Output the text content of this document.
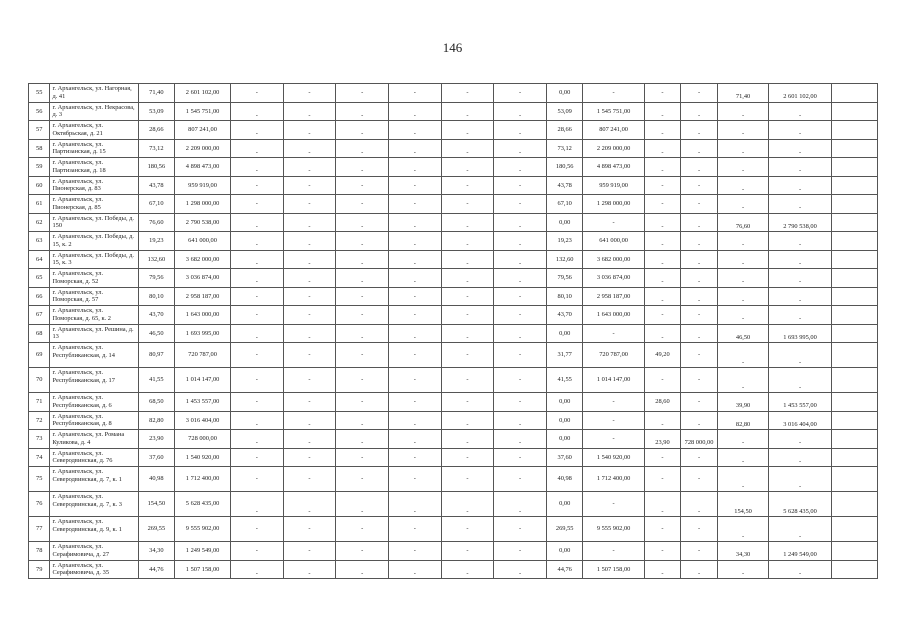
146
55	г. Архангельск, ул. Нагорная, д. 41	71,40	2 601 102,00	-	-	-	-	-	-	0,00	-	-	-	71,40	2 601 102,00	
56	г. Архангельск, ул. Некрасова, д. 3	53,09	1 545 751,00	-	-	-	-	-	-	53,09	1 545 751,00	-	-	-	-	
57	г. Архангельск, ул. Октябрьская, д. 21	28,66	807 241,00	-	-	-	-	-	-	28,66	807 241,00	-	-	-	-	
58	г. Архангельск, ул. Партизанская, д. 15	73,12	2 209 000,00	-	-	-	-	-	-	73,12	2 209 000,00	-	-	-	-	
59	г. Архангельск, ул. Партизанская, д. 18	180,56	4 898 473,00	-	-	-	-	-	-	180,56	4 898 473,00	-	-	-	-	
60	г. Архангельск, ул. Пионерская, д. 83	43,78	959 919,00	-	-	-	-	-	-	43,78	959 919,00	-	-	-	-	
61	г. Архангельск, ул. Пионерская, д. 85	67,10	1 298 000,00	-	-	-	-	-	-	67,10	1 298 000,00	-	-	-	-	
62	г. Архангельск, ул. Победы, д. 150	76,60	2 790 538,00	-	-	-	-	-	-	0,00	-	-	-	76,60	2 790 538,00	
63	г. Архангельск, ул. Победы, д. 15, к. 2	19,23	641 000,00	-	-	-	-	-	-	19,23	641 000,00	-	-	-	-	
64	г. Архангельск, ул. Победы, д. 15, к. 3	132,60	3 682 000,00	-	-	-	-	-	-	132,60	3 682 000,00	-	-	-	-	
65	г. Архангельск, ул. Поморская, д. 52	79,56	3 036 874,00	-	-	-	-	-	-	79,56	3 036 874,00	-	-	-	-	
66	г. Архангельск, ул. Поморская, д. 57	80,10	2 958 187,00	-	-	-	-	-	-	80,10	2 958 187,00	-	-	-	-	
67	г. Архангельск, ул. Поморская, д. 65, к. 2	43,70	1 643 000,00	-	-	-	-	-	-	43,70	1 643 000,00	-	-	-	-	
68	г. Архангельск, ул. Решина, д. 13	46,50	1 693 995,00	-	-	-	-	-	-	0,00	-	-	-	46,50	1 693 995,00	
69	г. Архангельск, ул. Республиканская, д. 14	80,97	720 787,00	-	-	-	-	-	-	31,77	720 787,00	49,20	-	-	-	
70	г. Архангельск, ул. Республиканская, д. 17	41,55	1 014 147,00	-	-	-	-	-	-	41,55	1 014 147,00	-	-	-	-	
71	г. Архангельск, ул. Республиканская, д. 6	68,50	1 453 557,00	-	-	-	-	-	-	0,00	-	28,60	-	39,90	1 453 557,00	
72	г. Архангельск, ул. Республиканская, д. 8	82,80	3 016 404,00	-	-	-	-	-	-	0,00	-	-	-	82,80	3 016 404,00	
73	г. Архангельск, ул. Романа Куликова, д. 4	23,90	728 000,00	-	-	-	-	-	-	0,00	-	23,90	728 000,00	-	-	
74	г. Архангельск, ул. Северодвинская, д. 76	37,60	1 540 920,00	-	-	-	-	-	-	37,60	1 540 920,00	-	-	-	-	
75	г. Архангельск, ул. Северодвинская, д. 7, к. 1	40,98	1 712 400,00	-	-	-	-	-	-	40,98	1 712 400,00	-	-	-	-	
76	г. Архангельск, ул. Северодвинская, д. 7, к. 3	154,50	5 628 435,00	-	-	-	-	-	-	0,00	-	-	-	154,50	5 628 435,00	
77	г. Архангельск, ул. Северодвинская, д. 9, к. 1	269,55	9 555 902,00	-	-	-	-	-	-	269,55	9 555 902,00	-	-	-	-	
78	г. Архангельск, ул. Серафимовича, д. 27	34,30	1 249 549,00	-	-	-	-	-	-	0,00	-	-	-	34,30	1 249 549,00	
79	г. Архангельск, ул. Серафимовича, д. 35	44,76	1 507 158,00	-	-	-	-	-	-	44,76	1 507 158,00	-	-	-	-	
